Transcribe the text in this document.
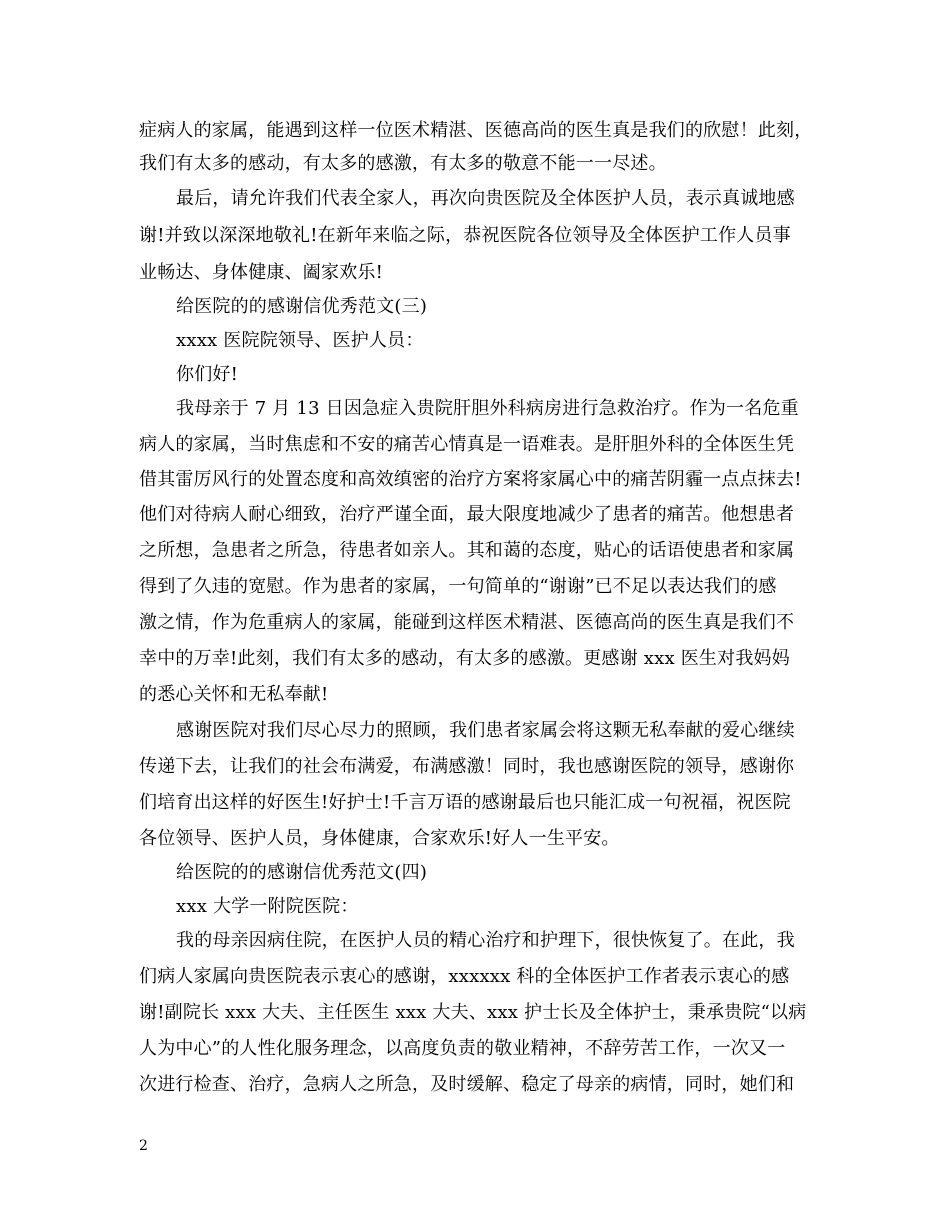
症病人的家属，能遇到这样一位医术精湛、医德高尚的医生真是我们的欣慰！此刻，
我们有太多的感动，有太多的感激，有太多的敬意不能一一尽述。
最后，请允许我们代表全家人，再次向贵医院及全体医护人员，表示真诚地感
谢!并致以深深地敬礼!在新年来临之际，恭祝医院各位领导及全体医护工作人员事
业畅达、身体健康、阖家欢乐!
给医院的的感谢信优秀范文(三)
xxxx 医院院领导、医护人员：
你们好!
我母亲于 7 月 13 日因急症入贵院肝胆外科病房进行急救治疗。作为一名危重
病人的家属，当时焦虑和不安的痛苦心情真是一语难表。是肝胆外科的全体医生凭
借其雷厉风行的处置态度和高效缜密的治疗方案将家属心中的痛苦阴霾一点点抹去!
他们对待病人耐心细致，治疗严谨全面，最大限度地减少了患者的痛苦。他想患者
之所想，急患者之所急，待患者如亲人。其和蔼的态度，贴心的话语使患者和家属
得到了久违的宽慰。作为患者的家属，一句简单的“谢谢”已不足以表达我们的感
激之情，作为危重病人的家属，能碰到这样医术精湛、医德高尚的医生真是我们不
幸中的万幸!此刻，我们有太多的感动，有太多的感激。更感谢 xxx 医生对我妈妈
的悉心关怀和无私奉献!
感谢医院对我们尽心尽力的照顾，我们患者家属会将这颗无私奉献的爱心继续
传递下去，让我们的社会布满爱，布满感激！同时，我也感谢医院的领导，感谢你
们培育出这样的好医生!好护士!千言万语的感谢最后也只能汇成一句祝福，祝医院
各位领导、医护人员，身体健康，合家欢乐!好人一生平安。
给医院的的感谢信优秀范文(四)
xxx 大学一附院医院：
我的母亲因病住院，在医护人员的精心治疗和护理下，很快恢复了。在此，我
们病人家属向贵医院表示衷心的感谢，xxxxxx 科的全体医护工作者表示衷心的感
谢!副院长 xxx 大夫、主任医生 xxx 大夫、xxx 护士长及全体护士，秉承贵院“以病
人为中心”的人性化服务理念，以高度负责的敬业精神，不辞劳苦工作，一次又一
次进行检查、治疗，急病人之所急，及时缓解、稳定了母亲的病情，同时，她们和
2
